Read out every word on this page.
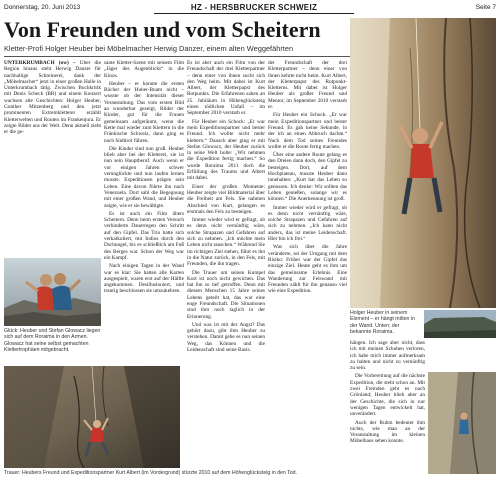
Donnerstag, 20. Juni 2013	HZ - HERSBRUCKER SCHWEIZ	Seite 7
Von Freunden und vom Scheitern
Kletter-Profi Holger Heuber bei Möbelmacher Herwig Danzer, einem alten Weggefährten

UNTERKRUMBACH (ow) – Über die Region hinaus steht Herwig Danzer für nachhaltige Schreinerei, dank der „Möbelmacher“ jetzt in einer großen Halle in Unterkrumbach tätig. Zwischen Buchkritik mit Denis Scheck (BR) und einem Konzert wachsen alte Geschichten: Holger Heuber, Gunther Mitzenberg und den jetzt prominenten Extremkletterer erzählt Kletterwelten und Routen im Frankenjura. Er zeigte Bilder aus der Welt. Denn aktuell zieht er die ge-

Glück: Heuber und Stefan Glowacz liegen sich auf dem Roraima in den Armen. Glowacz hat seine selbst gemachten Klettertrophäen mitgebracht.
Trauer: Heubers Freund und Expeditionspartner Kurt Albert (im Vordergrund) stürzte 2010 auf dem Höhenglücksteig in den Tod.

sante Kletter-Szene mit seinem Film „Jäger des Augenblicks“ in die Kinos.

Heuber – er konnte die ersten Bücher der Huber-Buam nicht – wusste ob der Intensität dieser Veranstaltung. Das vom ersten Bild an wunderbar gezeigt, Bilder der Kinder, gut für die Frauen gemeinsam aufgeräumt, wenn die Kette mal wieder zum Klettern in die Fränkische Schweiz, dann ging es nach Südtirol führen.

Die Kinder sind nun groß. Heuber blieb aber bei der Kletterei, sie ist nun sein Hauptberuf. Auch wenn er vor einigen Jahren schwer verunglückte und nun laufen lernen musste. Expeditionen prägen sein Leben. Eine davon führte ihn nach Venezuela. Dort sahl die Begegnung mit einer großen Wand, und Heuber zeigte, wie er sie bewältigte.

Es ist auch ein Film übers Scheitern. Denn beim ersten Versuch verhinderte Dauerregen den Schritt auf den Gipfel. Das Trio hatte sich verkalkuliert, mit Indios durch den Dschungel, bis es schließlich am Fuß des Berges war. Schon der Weg war ein Kampf.

Nach einigen Tagen in der Wand war es klar: Sie hatten alle Karten ausgespielt, waren erst auf der Hälfte angekommen. Desillusioniert, und traurig beschlossen sie umzukehren.

Es ist aber auch ein Film von der Freundschaft der drei Kletterpartner – denn einer von ihnen sucht sich den Weg heim. Mit dabei ist Kurt Albert, der Kletterpapst des Rotpunkts. Die Erfahrenen sahen an 25. Jubiläum in Höhenglücksteig einen tödlichen Unfall – im September 2010 verstarb er.

Für Heuber ein Schock: „Er war mein Expeditionspartner und bester Freund. Ich wollte nicht mehr klettern.“ Danach aber ging er mit Stefan Glowacz, der Heuber zurück in seine Welt holte: „Wir nehmen die Expedition fertig machen.“ So wurde Roraima 2011 doch die Erfüllung des Traums und Albert mit dabei.

Einer der großen Momente: Heuber zeigte viel Bildmaterial über die Freiheit am Fels. Sie nahmen Abschied von Kurt, gelangen es erstmals den Fels zu besteigen.

Immer wieder wird er gefragt, ob es denn nicht vernünftig wäre, solche Strapazen und Gefahren auf sich zu nehmen. „Ich möchte mein Leben nicht tauschen.“ Während Sie im richtigen Ziel stehen, führt es ihn in die Natur zurück, in den Fels, mit Freunden, die ihn tragen.

Die Trauer um seinen Kumpel Kurt ist noch nicht gewichen. Das hat ihn so tief getroffen. Denn mit diesem Menschen 15 Jahre seines Lebens geteilt hat, das war eine enge Freundschaft. Die Situationen sind ihm noch taglich in der Erinnerung.

Und was ist mit der Angst? Das gehört dazu, gibt ihm Heuber zu verstehen. Damit gehe es nun seinen Weg, das Können und die Leidenschaft sind seine Basis.

der Freundschaft der drei Kletterpartner – denn einer von ihnen kehrte nicht heim. Kurt Albert, der Kletterpapst des Rotpunkt-Kletterns. Mit dabei ist Holger Heuber als großer Freund und Mentor, im September 2010 verstarb er.

Für Heuber ein Schock. „Er war mein Expeditionspartner und bester Freund. Es gab keine Sekunde, in der ich an einen Abbruch dachte.“ Nach dem Tod seines Freundes wollte er die Route fertig machen.

Über eine andere Route gelang es den Dreien dann doch, den Gipfel zu besteigen. Dort, auf dem Hochplateau, musste Heuber dann innehalten: „Kurt hat das Leben so genossen. Ich denke: Wir sollten das Leben genießen, solange wir es können.“ Die Anerkennung ist groß.

Immer wieder wird er gefragt, ob es denn nicht vernünftig wäre, solche Strapazen und Gefahren auf sich zu nehmen. „Ich kann nicht anders, das ist meine Leidenschaft. Hier bin ich frei.“

Was sich über die Jahre veränderte, sei der Umgang mit dem Risiko: Früher war der Gipfel das einzige Ziel. Heute geht es ihm um das gemeinsame Erlebnis. Eine Wanderung zur Felswand mit Freunden zählt für ihn genauso viel wie eine Expedition.

Holger Heuber in seinem Element – er hängt mitten in der Wand. Unten: der bekannte Roraima.

hängen. Ich sage aber nicht, dass ich mit meinen Schuhen verloren, ich habe mich immer aufmerksam zu halten und nicht zu vernünftig zu sein.

Die Vorbereitung auf die nächste Expedition, die steht schon an. Mit zwei Fremden geht es nach Grönland; Heuber blieb aber an der Geschichte, die sich in nur wenigen Tagen entwickelt hat, unverändert.

Auch der Ruhm bedeutet ihm nichts, wie man an der Veranstaltung im kleinen Möbelhaus sehen konnte.
